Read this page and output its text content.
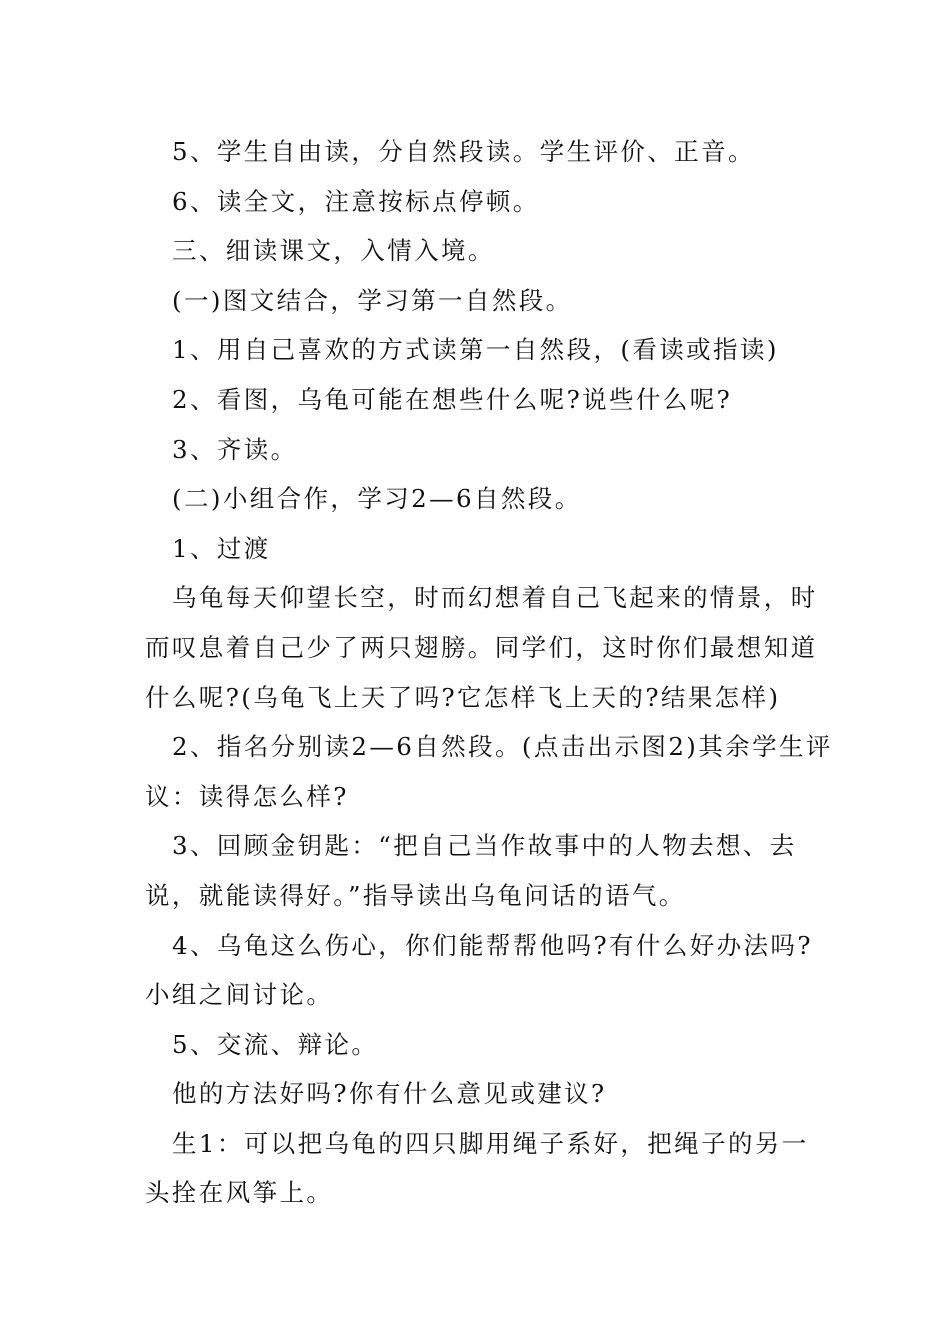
5、学生自由读，分自然段读。学生评价、正音。

6、读全文，注意按标点停顿。

三、细读课文，入情入境。

(一)图文结合，学习第一自然段。

1、用自己喜欢的方式读第一自然段，(看读或指读)

2、看图，乌龟可能在想些什么呢?说些什么呢?

3、齐读。

(二)小组合作，学习2—6自然段。

1、过渡

乌龟每天仰望长空，时而幻想着自己飞起来的情景，时而叹息着自己少了两只翅膀。同学们，这时你们最想知道什么呢?(乌龟飞上天了吗?它怎样飞上天的?结果怎样)

2、指名分别读2—6自然段。(点击出示图2)其余学生评议：读得怎么样?

3、回顾金钥匙：“把自己当作故事中的人物去想、去说，就能读得好。”指导读出乌龟问话的语气。

4、乌龟这么伤心，你们能帮帮他吗?有什么好办法吗?小组之间讨论。

5、交流、辩论。

他的方法好吗?你有什么意见或建议?

生1：可以把乌龟的四只脚用绳子系好，把绳子的另一头拴在风筝上。
